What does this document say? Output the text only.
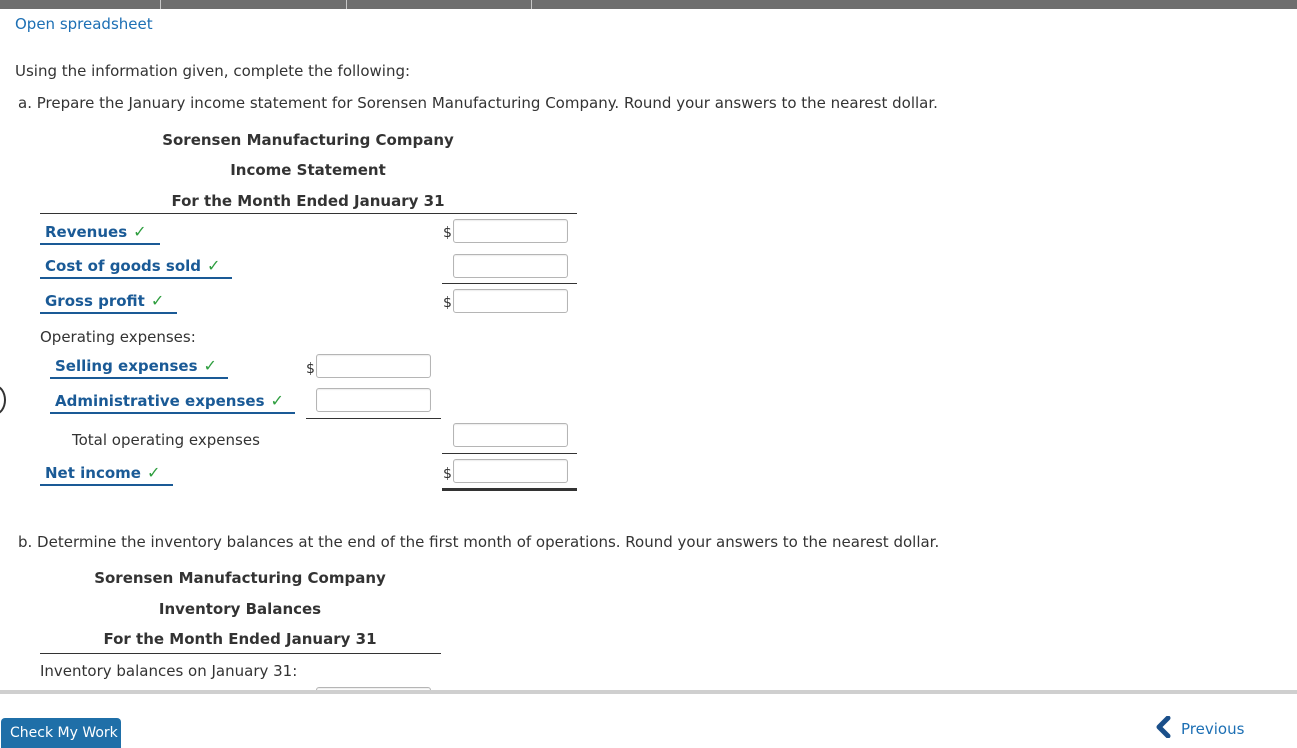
Open spreadsheet
Using the information given, complete the following:
a. Prepare the January income statement for Sorensen Manufacturing Company. Round your answers to the nearest dollar.
Sorensen Manufacturing Company
Income Statement
For the Month Ended January 31
Revenues ✓	$
Cost of goods sold ✓
Gross profit ✓	$
Operating expenses:
Selling expenses ✓	$
Administrative expenses ✓
Total operating expenses
Net income ✓	$
b. Determine the inventory balances at the end of the first month of operations. Round your answers to the nearest dollar.
Sorensen Manufacturing Company
Inventory Balances
For the Month Ended January 31
Inventory balances on January 31:
Check My Work	Previous
